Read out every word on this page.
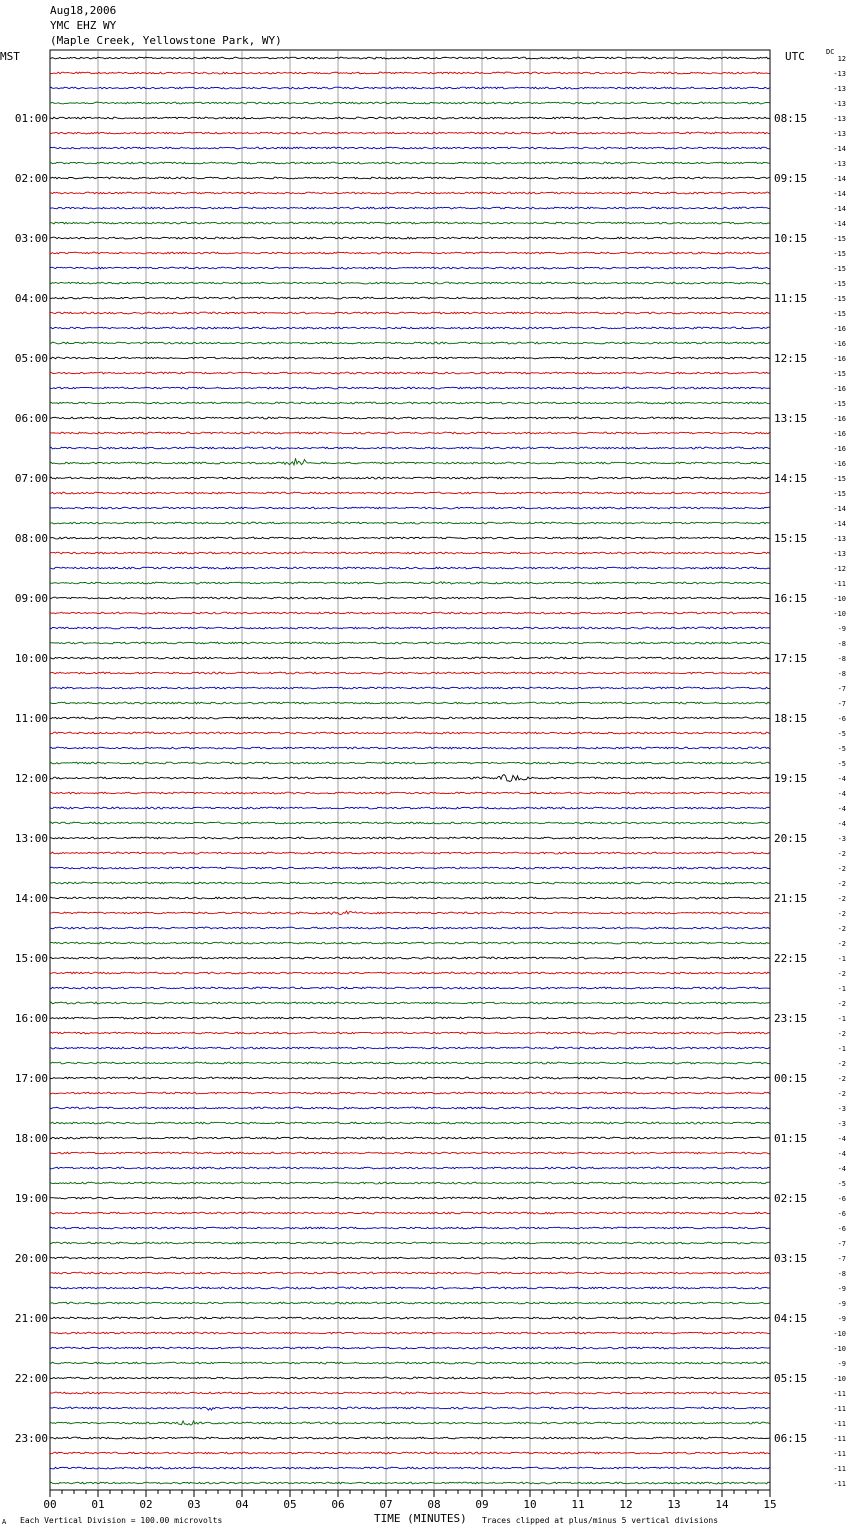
Aug18,2006
YMC EHZ WY
(Maple Creek, Yellowstone Park, WY)
MST	UTC	DC
01:00
02:00
03:00
04:00
05:00
06:00
07:00
08:00
09:00
10:00
11:00
12:00
13:00
14:00
15:00
16:00
17:00
18:00
19:00
20:00
21:00
22:00
23:00
08:15
09:15
10:15
11:15
12:15
13:15
14:15
15:15
16:15
17:15
18:15
19:15
20:15
21:15
22:15
23:15
00:15
01:15
02:15
03:15
04:15
05:15
06:15
12
-13
-13
-13
-13
-13
-14
-13
-14
-14
-14
-14
-15
-15
-15
-15
-15
-15
-16
-16
-16
-15
-16
-15
-16
-16
-16
-16
-15
-15
-14
-14
-13
-13
-12
-11
-10
-10
-9
-8
-8
-8
-7
-7
-6
-5
-5
-5
-4
-4
-4
-4
-3
-2
-2
-2
-2
-2
-2
-2
-1
-2
-1
-2
-1
-2
-1
-2
-2
-2
-3
-3
-4
-4
-4
-5
-6
-6
-6
-7
-7
-8
-9
-9
-9
-10
-10
-9
-10
-11
-11
-11
-11
-11
-11
-11
00	01	02	03	04	05	06	07	08	09	10	11	12	13	14	15
A Each Vertical Division = 100.00 microvolts	TIME (MINUTES) Traces clipped at plus/minus 5 vertical divisions
